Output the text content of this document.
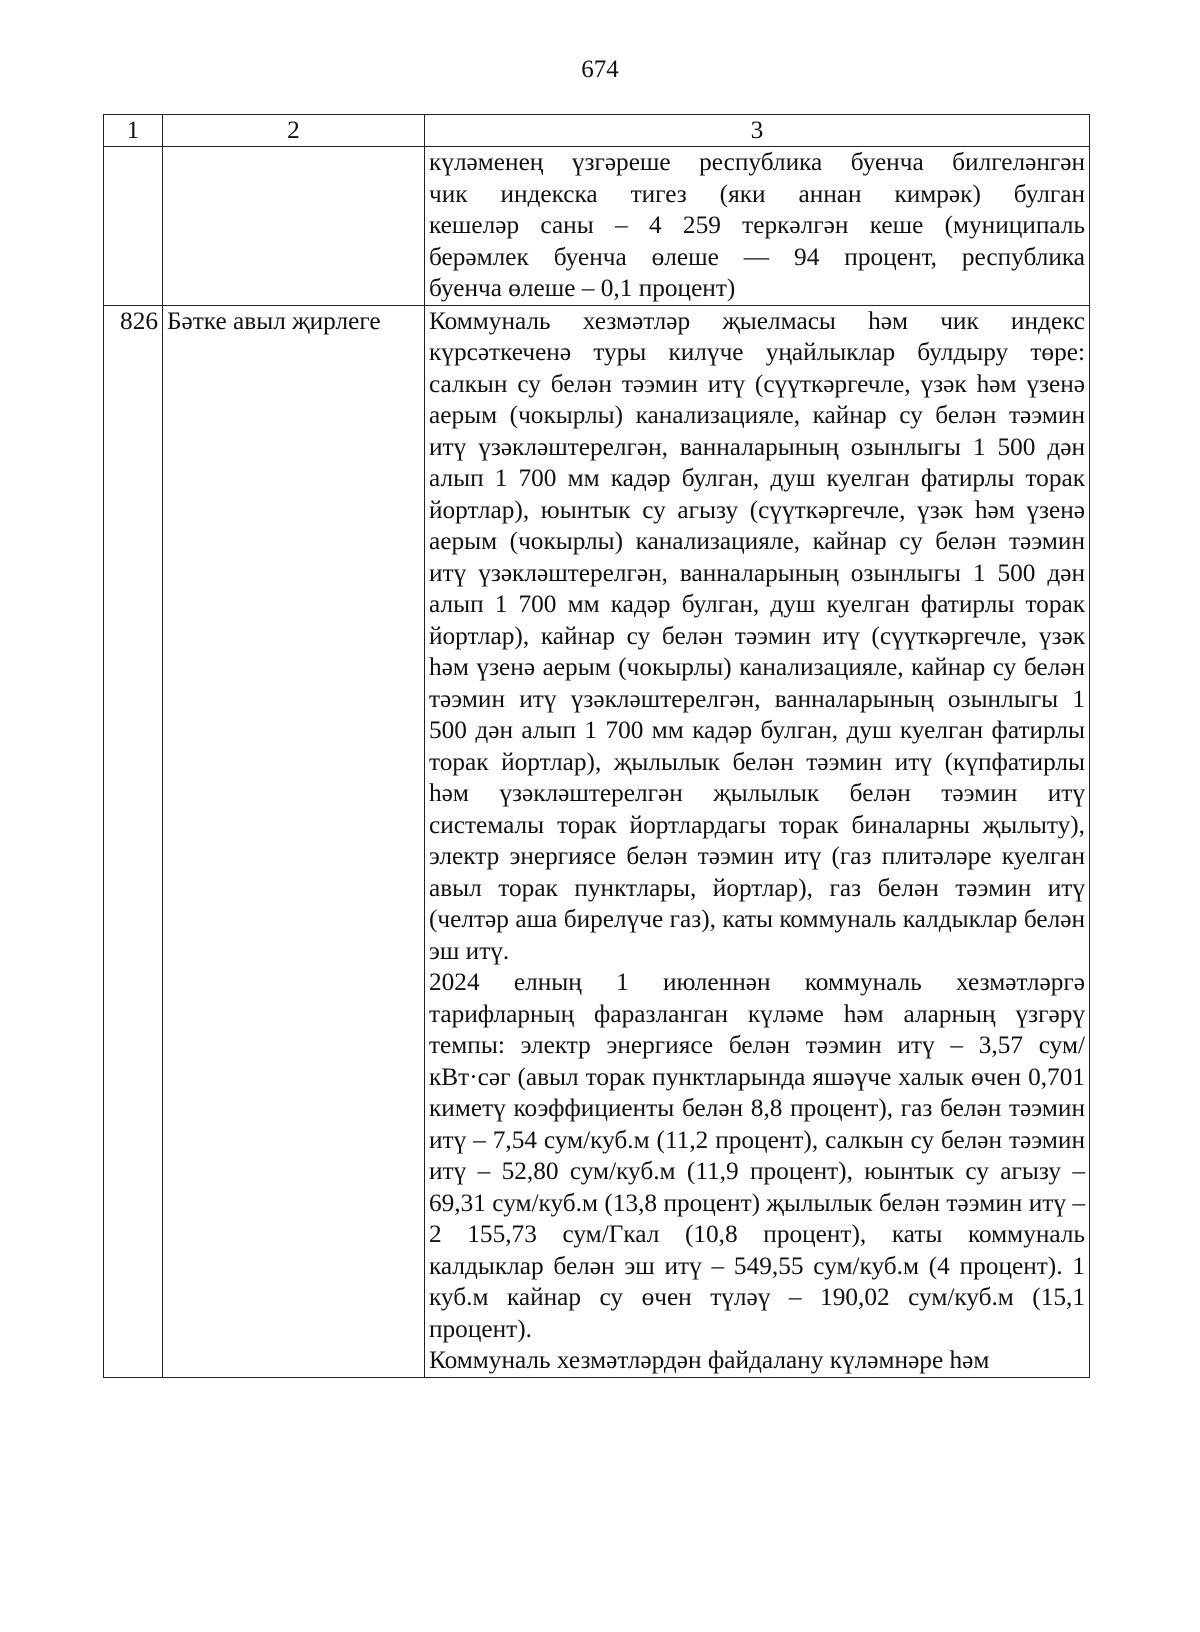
674
1	2	3

		күләменең үзгәреше республика буенча билгеләнгән
чик индекска тигез (яки аннан кимрәк) булган
кешеләр саны – 4 259 теркәлгән кеше (муниципаль
берәмлек буенча өлеше — 94 процент, республика
буенча өлеше – 0,1 процент)

826	Бәтке авыл җирлеге	Коммуналь хезмәтләр җыелмасы һәм чик индекс күрсәткеченә туры килүче уңайлыклар булдыру төре: салкын су белән тәэмин итү (сүүткәргечле, үзәк һәм үзенә аерым (чокырлы) канализацияле, кайнар су белән тәэмин итү үзәкләштерелгән, ванналарының озынлыгы 1 500 дән алып 1 700 мм кадәр булган, душ куелган фатирлы торак йортлар), юынтык су агызу (сүүткәргечле, үзәк һәм үзенә аерым (чокырлы) канализацияле, кайнар су белән тәэмин итү үзәкләштерелгән, ванналарының озынлыгы 1 500 дән алып 1 700 мм кадәр булган, душ куелган фатирлы торак йортлар), кайнар су белән тәэмин итү (сүүткәргечле, үзәк һәм үзенә аерым (чокырлы) канализацияле, кайнар су белән тәэмин итү үзәкләштерелгән, ванналарының озынлыгы 1 500 дән алып 1 700 мм кадәр булган, душ куелган фатирлы торак йортлар), җылылык белән тәэмин итү (күпфатирлы һәм үзәкләштерелгән җылылык белән тәэмин итү системалы торак йортлардагы торак биналарны җылыту), электр энергиясе белән тәэмин итү (газ плитәләре куелган авыл торак пунктлары, йортлар), газ белән тәэмин итү (челтәр аша бирелүче газ), каты коммуналь калдыклар белән эш итү.
2024 елның 1 июленнән коммуналь хезмәтләргә тарифларның фаразланган күләме һәм аларның үзгәрү темпы: электр энергиясе белән тәэмин итү – 3,57 сум/кВт·сәг (авыл торак пунктларында яшәүче халык өчен 0,701 киметү коэффициенты белән 8,8 процент), газ белән тәэмин итү – 7,54 сум/куб.м (11,2 процент), салкын су белән тәэмин итү – 52,80 сум/куб.м (11,9 процент), юынтык су агызу – 69,31 сум/куб.м (13,8 процент) җылылык белән тәэмин итү – 2 155,73 сум/Гкал (10,8 процент), каты коммуналь калдыклар белән эш итү – 549,55 сум/куб.м (4 процент). 1 куб.м кайнар су өчен түләү – 190,02 сум/куб.м (15,1 процент).
Коммуналь хезмәтләрдән файдалану күләмнәре һәм
